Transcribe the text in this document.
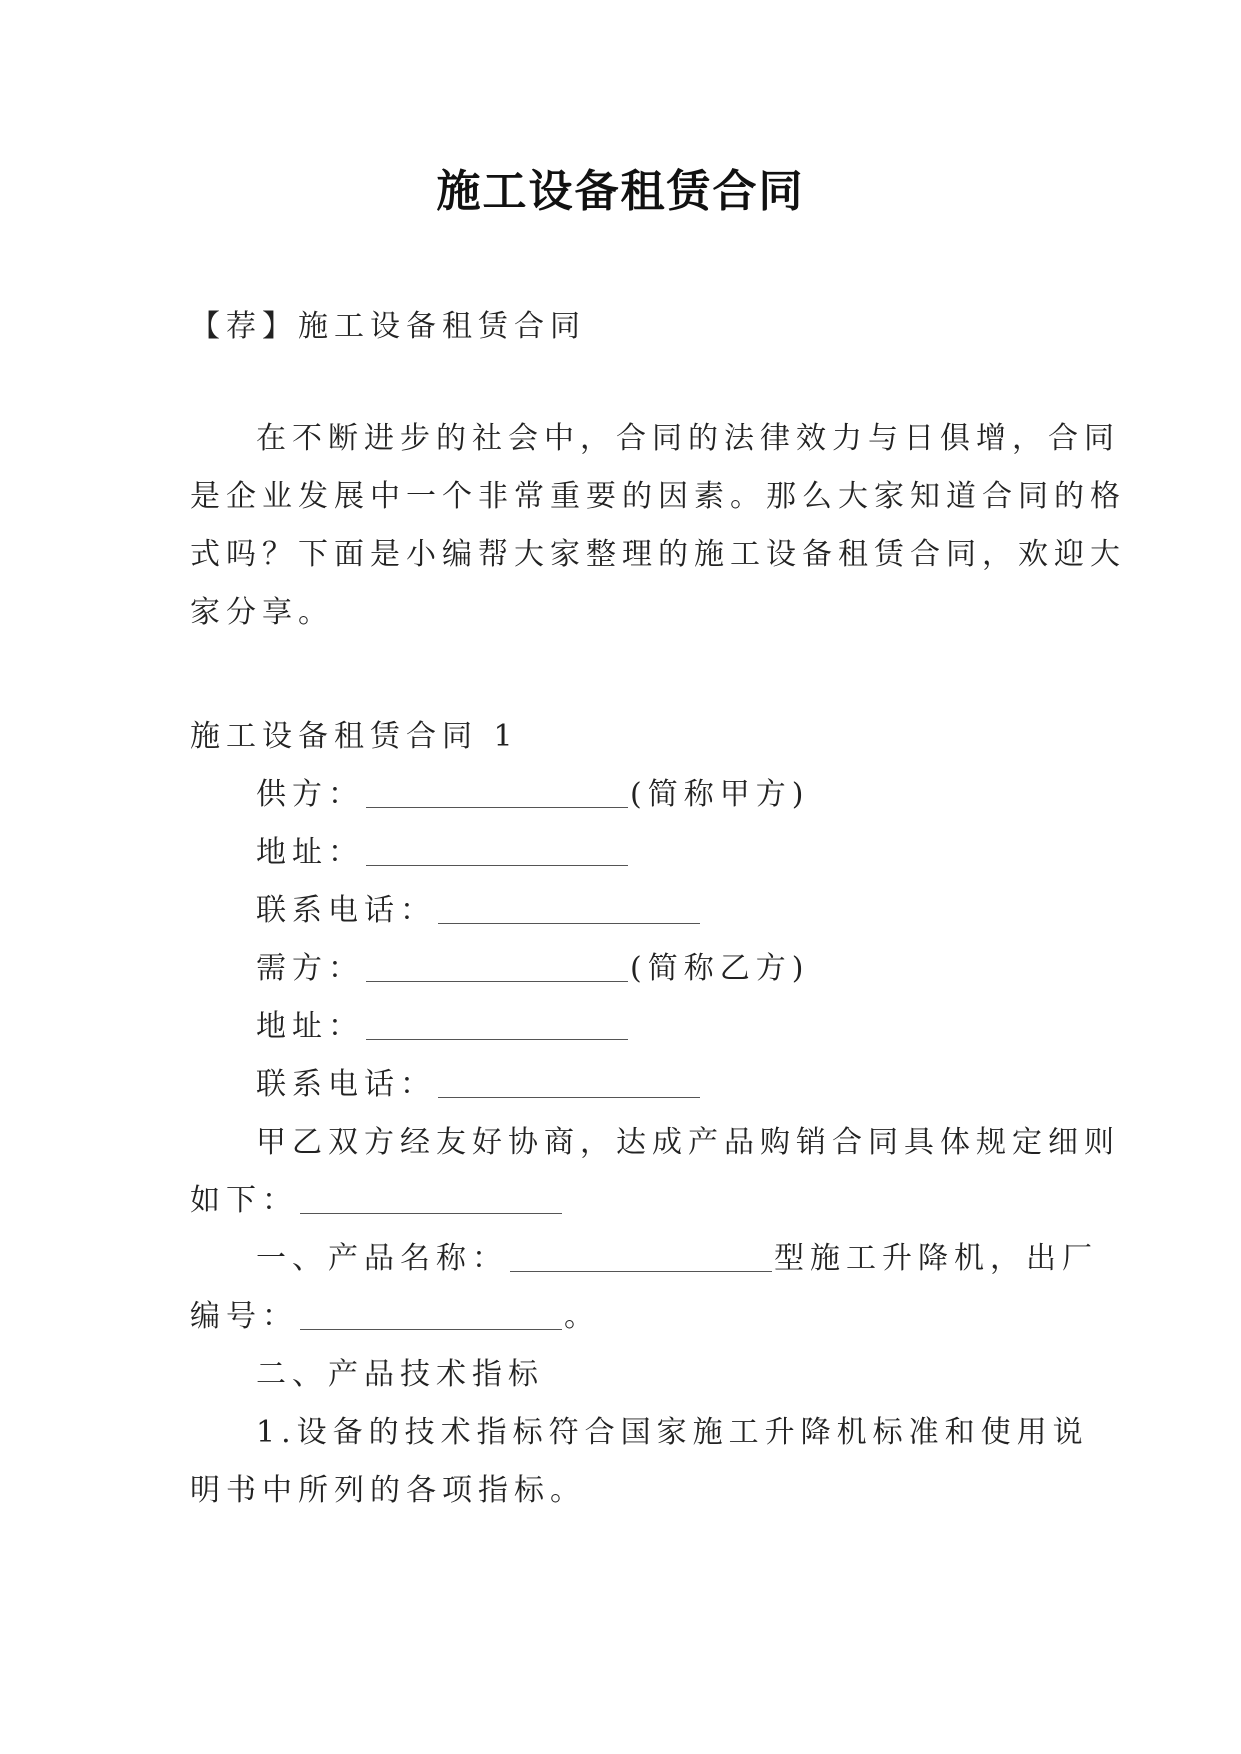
施工设备租赁合同
【荐】施工设备租赁合同
在不断进步的社会中，合同的法律效力与日俱增，合同
是企业发展中一个非常重要的因素。那么大家知道合同的格
式吗？下面是小编帮大家整理的施工设备租赁合同，欢迎大
家分享。
施工设备租赁合同 1
供方：	(简称甲方)
地址：
联系电话：
需方：	(简称乙方)
地址：
联系电话：
甲乙双方经友好协商，达成产品购销合同具体规定细则
如下：
一、产品名称：	型施工升降机，出厂
编号：	。
二、产品技术指标
1.设备的技术指标符合国家施工升降机标准和使用说
明书中所列的各项指标。
